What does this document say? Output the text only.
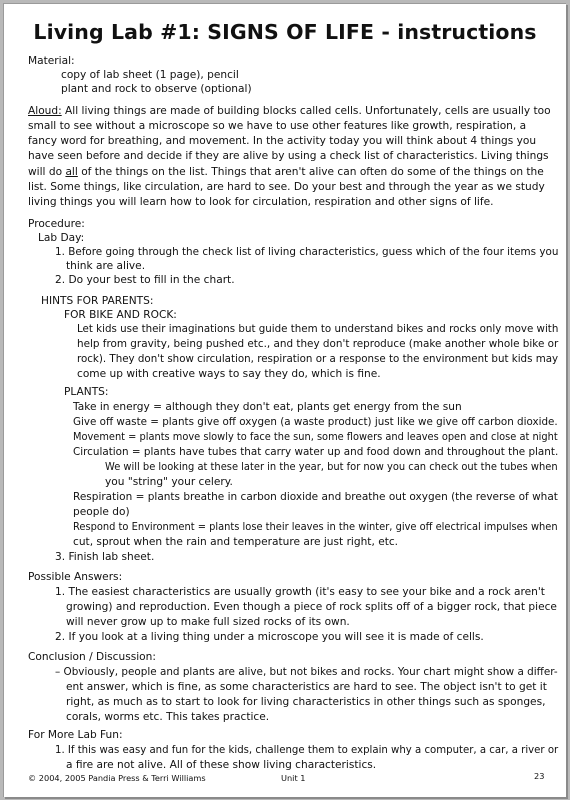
Living Lab #1: SIGNS OF LIFE - instructions
Material:
copy of lab sheet (1 page), pencil
plant and rock to observe (optional)
Aloud: All living things are made of building blocks called cells. Unfortunately, cells are usually too
small to see without a microscope so we have to use other features like growth, respiration, a
fancy word for breathing, and movement. In the activity today you will think about 4 things you
have seen before and decide if they are alive by using a check list of characteristics. Living things
will do all of the things on the list. Things that aren't alive can often do some of the things on the
list. Some things, like circulation, are hard to see. Do your best and through the year as we study
living things you will learn how to look for circulation, respiration and other signs of life.
Procedure:
Lab Day:
1. Before going through the check list of living characteristics, guess which of the four items you
think are alive.
2. Do your best to fill in the chart.
HINTS FOR PARENTS:
FOR BIKE AND ROCK:
Let kids use their imaginations but guide them to understand bikes and rocks only move with
help from gravity, being pushed etc., and they don't reproduce (make another whole bike or
rock). They don't show circulation, respiration or a response to the environment but kids may
come up with creative ways to say they do, which is fine.
PLANTS:
Take in energy = although they don't eat, plants get energy from the sun
Give off waste = plants give off oxygen (a waste product) just like we give off carbon dioxide.
Movement = plants move slowly to face the sun, some flowers and leaves open and close at night
Circulation = plants have tubes that carry water up and food down and throughout the plant.
We will be looking at these later in the year, but for now you can check out the tubes when
you "string" your celery.
Respiration = plants breathe in carbon dioxide and breathe out oxygen (the reverse of what
people do)
Respond to Environment = plants lose their leaves in the winter, give off electrical impulses when
cut, sprout when the rain and temperature are just right, etc.
3. Finish lab sheet.
Possible Answers:
1. The easiest characteristics are usually growth (it's easy to see your bike and a rock aren't
growing) and reproduction. Even though a piece of rock splits off of a bigger rock, that piece
will never grow up to make full sized rocks of its own.
2. If you look at a living thing under a microscope you will see it is made of cells.
Conclusion / Discussion:
– Obviously, people and plants are alive, but not bikes and rocks. Your chart might show a differ-
ent answer, which is fine, as some characteristics are hard to see. The object isn't to get it
right, as much as to start to look for living characteristics in other things such as sponges,
corals, worms etc. This takes practice.
For More Lab Fun:
1. If this was easy and fun for the kids, challenge them to explain why a computer, a car, a river or
a fire are not alive. All of these show living characteristics.
© 2004, 2005 Pandia Press & Terri Williams	Unit 1	23
